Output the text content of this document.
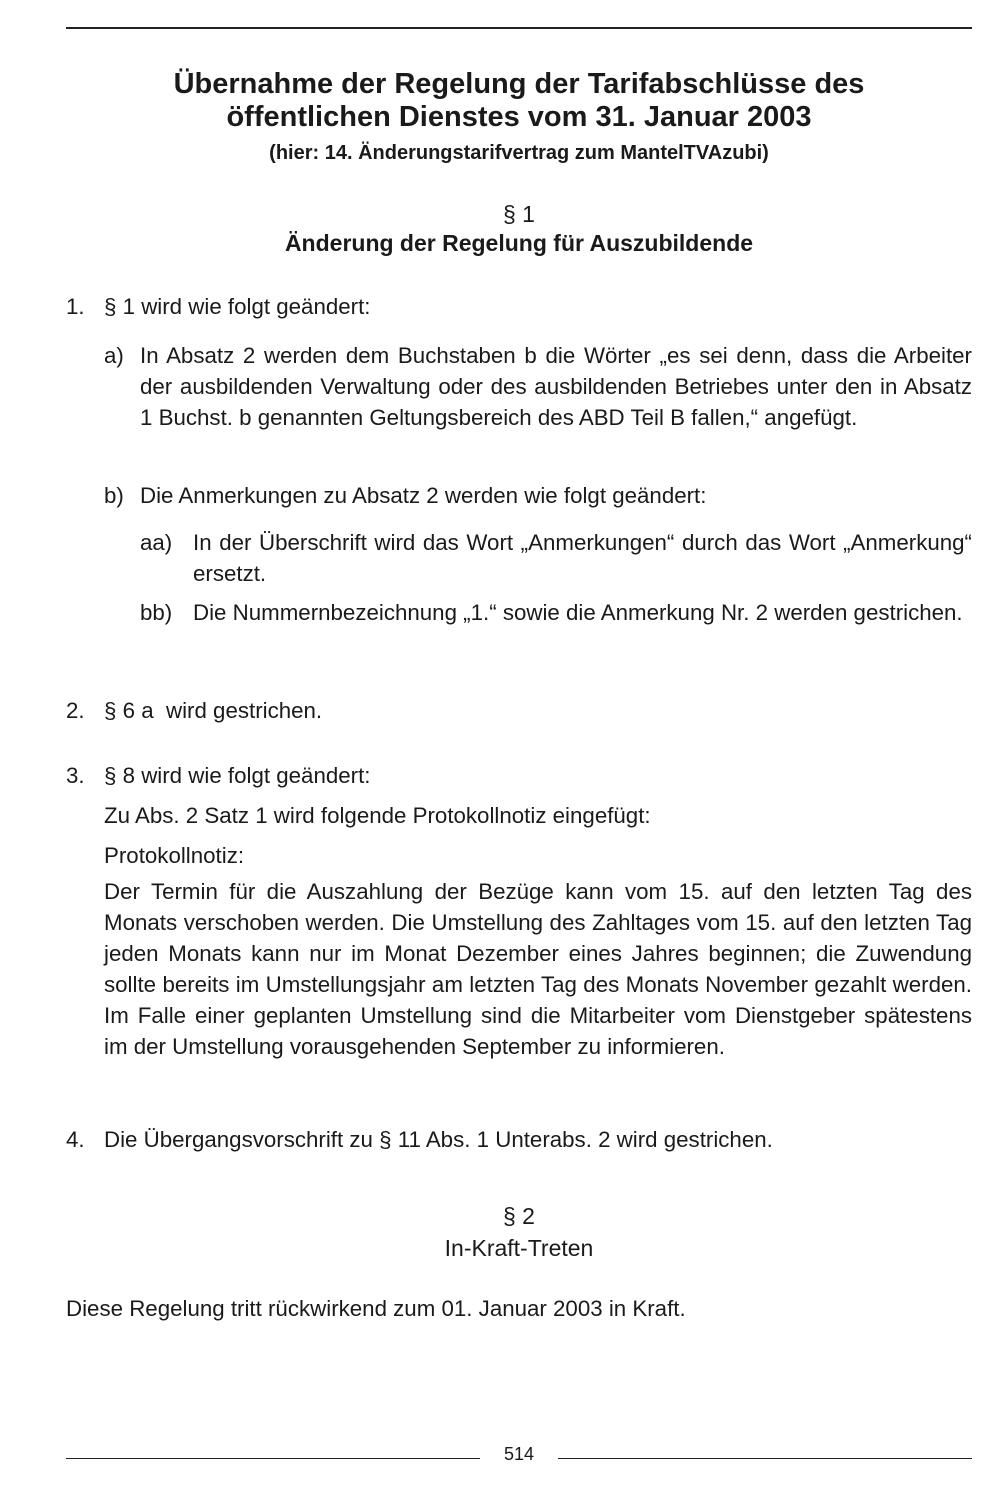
Übernahme der Regelung der Tarifabschlüsse des
öffentlichen Dienstes vom 31. Januar 2003
(hier: 14. Änderungstarifvertrag zum MantelTVAzubi)
§ 1
Änderung der Regelung für Auszubildende
1. § 1 wird wie folgt geändert:

a) In Absatz 2 werden dem Buchstaben b die Wörter „es sei denn, dass die Arbeiter der ausbildenden Verwaltung oder des ausbildenden Betriebes unter den in Absatz 1 Buchst. b genannten Geltungsbereich des ABD Teil B fallen,“ angefügt.

b) Die Anmerkungen zu Absatz 2 werden wie folgt geändert:

aa) In der Überschrift wird das Wort „Anmerkungen“ durch das Wort „Anmerkung“ ersetzt.

bb) Die Nummernbezeichnung „1.“ sowie die Anmerkung Nr. 2 werden gestrichen.

2. § 6 a  wird gestrichen.

3. § 8 wird wie folgt geändert:

Zu Abs. 2 Satz 1 wird folgende Protokollnotiz eingefügt:

Protokollnotiz:

Der Termin für die Auszahlung der Bezüge kann vom 15. auf den letzten Tag des Monats verschoben werden. Die Umstellung des Zahltages vom 15. auf den letzten Tag jeden Monats kann nur im Monat Dezember eines Jahres beginnen; die Zuwendung sollte bereits im Umstellungsjahr am letzten Tag des Monats November gezahlt werden. Im Falle einer geplanten Umstellung sind die Mitarbeiter vom Dienstgeber spätestens im der Umstellung vorausgehenden September zu informieren.

4. Die Übergangsvorschrift zu § 11 Abs. 1 Unterabs. 2 wird gestrichen.

§ 2
In-Kraft-Treten

Diese Regelung tritt rückwirkend zum 01. Januar 2003 in Kraft.

514
